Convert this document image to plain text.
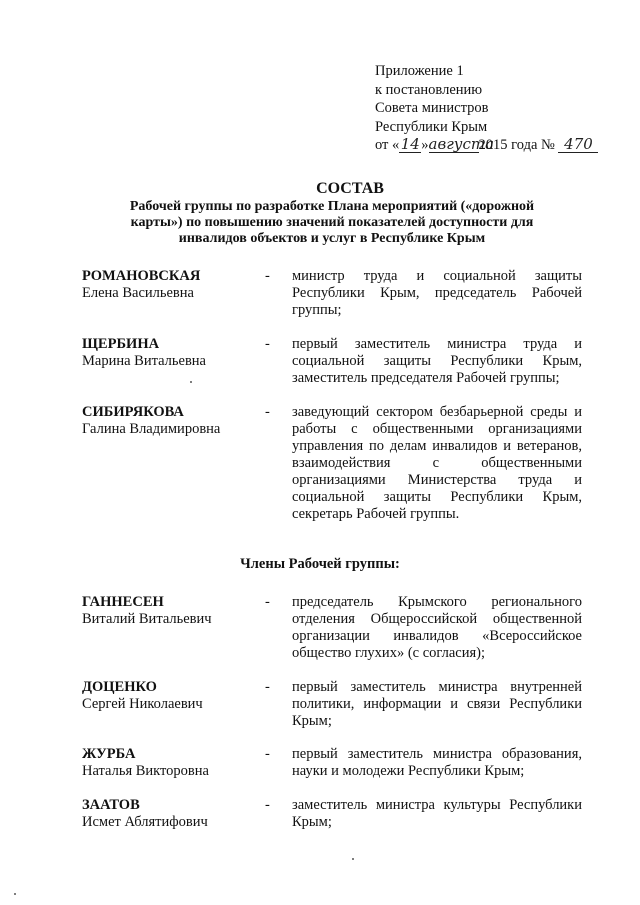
Приложение 1
к постановлению
Совета министров
Республики Крым
от «14»августа2015 года № 470
СОСТАВ
Рабочей группы по разработке Плана мероприятий («дорожной
карты») по повышению значений показателей доступности для
инвалидов объектов и услуг в Республике Крым
РОМАНОВСКАЯ
Елена Васильевна
- министр труда и социальной защиты Республики Крым, председатель Рабочей группы;
ЩЕРБИНА
Марина Витальевна
- первый заместитель министра труда и социальной защиты Республики Крым, заместитель председателя Рабочей группы;
СИБИРЯКОВА
Галина Владимировна
- заведующий сектором безбарьерной среды и работы с общественными организациями управления по делам инвалидов и ветеранов, взаимодействия с общественными организациями Министерства труда и социальной защиты Республики Крым, секретарь Рабочей группы.
Члены Рабочей группы:
ГАННЕСЕН
Виталий Витальевич
- председатель Крымского регионального отделения Общероссийской общественной организации инвалидов «Всероссийское общество глухих» (с согласия);
ДОЦЕНКО
Сергей Николаевич
- первый заместитель министра внутренней политики, информации и связи Республики Крым;
ЖУРБА
Наталья Викторовна
- первый заместитель министра образования, науки и молодежи Республики Крым;
ЗААТОВ
Исмет Аблятифович
- заместитель министра культуры Республики Крым;
